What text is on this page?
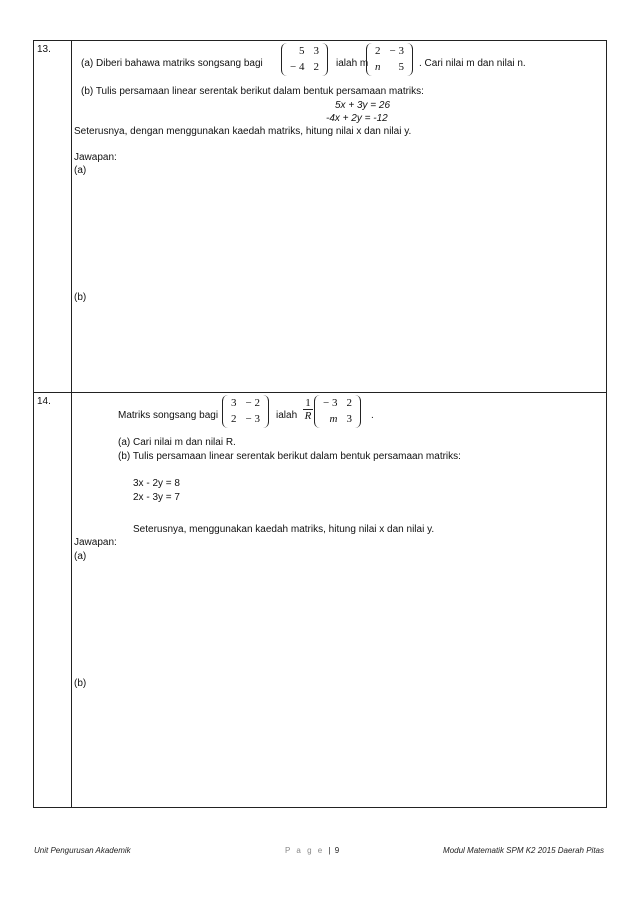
13.
(a) Diberi bahawa matriks songsang bagi
5 3
− 4 2 ialah m
2 − 3
n	5 . Cari nilai m dan nilai n.
(b) Tulis persamaan linear serentak berikut dalam bentuk persamaan matriks:
5x + 3y = 26
-4x + 2y = -12
Seterusnya, dengan menggunakan kaedah matriks, hitung nilai x dan nilai y.
Jawapan:
(a)
(b)
14.
Matriks songsang bagi
3 − 2
2 − 3 ialah $\frac{1}{R} - 3$ 2
m 3 .
(a) Cari nilai m dan nilai R.
(b) Tulis persamaan linear serentak berikut dalam bentuk persamaan matriks:
3x - 2y = 8
2x - 3y = 7
Seterusnya, menggunakan kaedah matriks, hitung nilai x dan nilai y.
Jawapan:
(a)
(b)
Unit Pengurusan Akademik	P a g e | 9	Modul Matematik SPM K2 2015 Daerah Pitas
